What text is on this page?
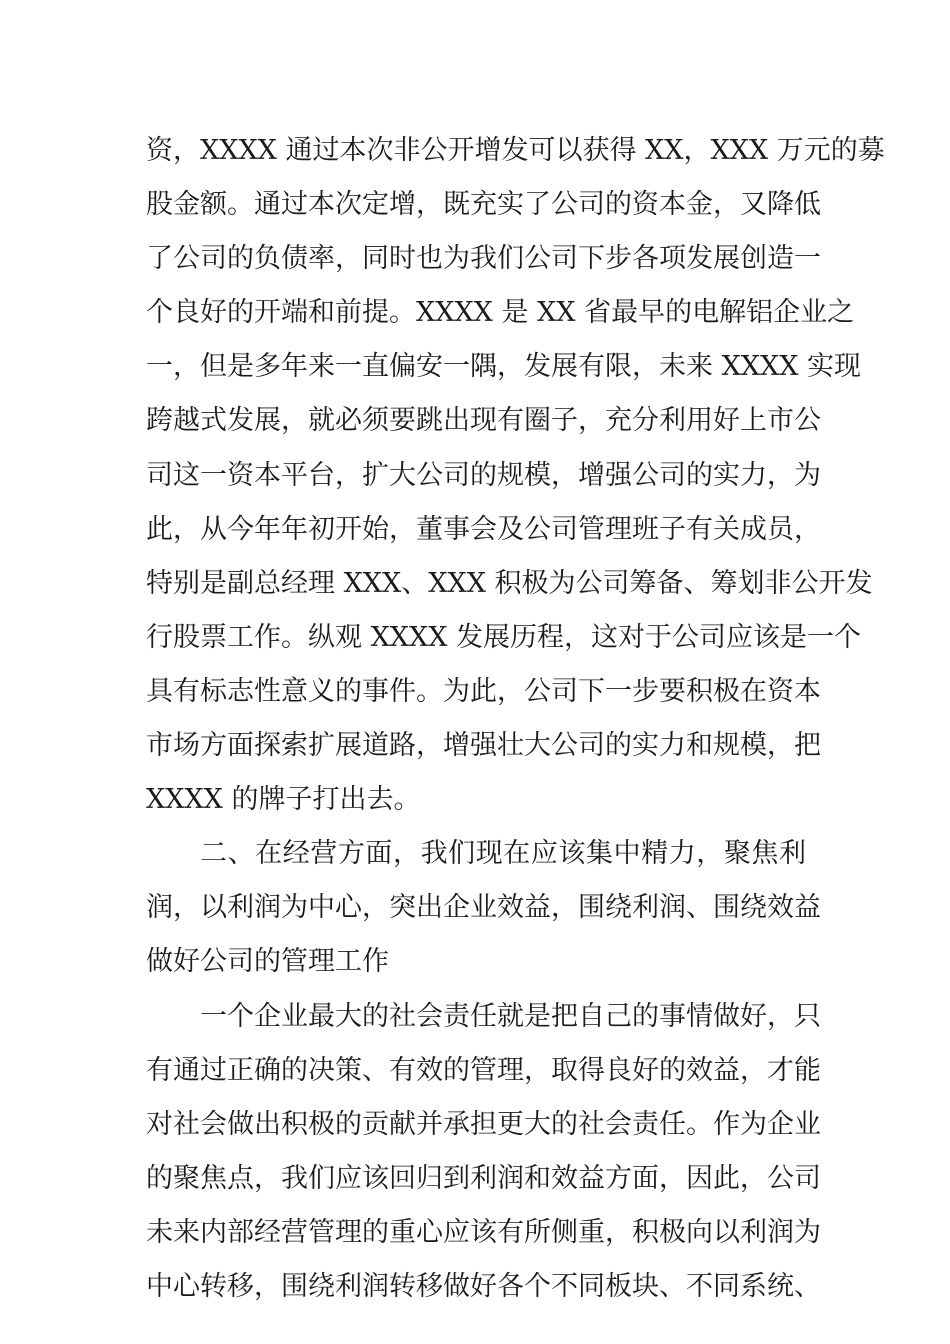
资，XXXX 通过本次非公开增发可以获得 XX，XXX 万元的募
股金额。通过本次定增，既充实了公司的资本金，又降低
了公司的负债率，同时也为我们公司下步各项发展创造一
个良好的开端和前提。XXXX 是 XX 省最早的电解铝企业之
一，但是多年来一直偏安一隅，发展有限，未来 XXXX 实现
跨越式发展，就必须要跳出现有圈子，充分利用好上市公
司这一资本平台，扩大公司的规模，增强公司的实力，为
此，从今年年初开始，董事会及公司管理班子有关成员，
特别是副总经理 XXX、XXX 积极为公司筹备、筹划非公开发
行股票工作。纵观 XXXX 发展历程，这对于公司应该是一个
具有标志性意义的事件。为此，公司下一步要积极在资本
市场方面探索扩展道路，增强壮大公司的实力和规模，把
XXXX 的牌子打出去。
二、在经营方面，我们现在应该集中精力，聚焦利
润，以利润为中心，突出企业效益，围绕利润、围绕效益
做好公司的管理工作
一个企业最大的社会责任就是把自己的事情做好，只
有通过正确的决策、有效的管理，取得良好的效益，才能
对社会做出积极的贡献并承担更大的社会责任。作为企业
的聚焦点，我们应该回归到利润和效益方面，因此，公司
未来内部经营管理的重心应该有所侧重，积极向以利润为
中心转移，围绕利润转移做好各个不同板块、不同系统、
